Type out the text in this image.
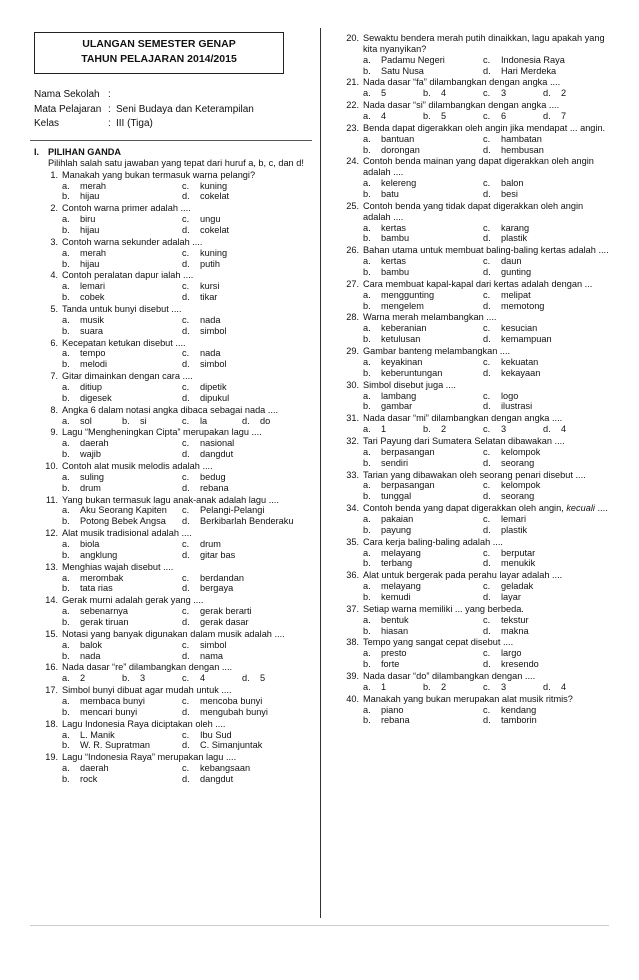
ULANGAN SEMESTER GENAP
TAHUN PELAJARAN 2014/2015
Nama Sekolah :
Mata Pelajaran : Seni Budaya dan Keterampilan
Kelas	: III (Tiga)
I. PILIHAN GANDA
Pilihlah salah satu jawaban yang tepat dari huruf a, b, c, dan d!
1. Manakah yang bukan termasuk warna pelangi?
a.	merah	c.	kuning
b.	hijau	d.	cokelat
2. Contoh warna primer adalah ....
a.	biru	c.	ungu
b.	hijau	d.	cokelat
3. Contoh warna sekunder adalah ....
a.	merah	c.	kuning
b.	hijau	d.	putih
4. Contoh peralatan dapur ialah ....
a.	lemari	c.	kursi
b.	cobek	d.	tikar
5. Tanda untuk bunyi disebut ....
a.	musik	c.	nada
b.	suara	d.	simbol
6. Kecepatan ketukan disebut ....
a.	tempo	c.	nada
b.	melodi	d.	simbol
7. Gitar dimainkan dengan cara ....
a.	ditiup	c.	dipetik
b.	digesek	d.	dipukul
8. Angka 6 dalam notasi angka dibaca sebagai nada ....
a.	sol	b.	si	c.	la	d.	do
9. Lagu “Mengheningkan Cipta” merupakan lagu ....
a.	daerah	c.	nasional
b.	wajib	d.	dangdut
10. Contoh alat musik melodis adalah ....
a.	suling	c.	bedug
b.	drum	d.	rebana
11. Yang bukan termasuk lagu anak-anak adalah lagu ....
a.	Aku Seorang Kapiten c.	Pelangi-Pelangi
b.	Potong Bebek Angsa d.	Berkibarlah Benderaku
12. Alat musik tradisional adalah ....
a.	biola	c.	drum
b.	angklung	d.	gitar bas
13. Menghias wajah disebut ....
a.	merombak	c.	berdandan
b.	tata rias	d.	bergaya
14. Gerak murni adalah gerak yang ....
a.	sebenarnya	c.	gerak berarti
b.	gerak tiruan	d.	gerak dasar
15. Notasi yang banyak digunakan dalam musik adalah ....
a.	balok	c.	simbol
b.	nada	d.	nama
16. Nada dasar “re” dilambangkan dengan ....
a.	2	b.	3	c.	4	d.	5
17. Simbol bunyi dibuat agar mudah untuk ....
a.	membaca bunyi	c.	mencoba bunyi
b.	mencari bunyi	d.	mengubah bunyi
18. Lagu Indonesia Raya diciptakan oleh ....
a.	L. Manik	c.	Ibu Sud
b.	W. R. Supratman	d.	C. Simanjuntak
19. Lagu “Indonesia Raya” merupakan lagu ....
a.	daerah	c.	kebangsaan
b.	rock	d.	dangdut
20. Sewaktu bendera merah putih dinaikkan, lagu apakah yang kita nyanyikan?
a.	Padamu Negeri	c.	Indonesia Raya
b.	Satu Nusa	d.	Hari Merdeka
21. Nada dasar “fa” dilambangkan dengan angka ....
a.	5	b.	4	c.	3	d.	2
22. Nada dasar “si” dilambangkan dengan angka ....
a.	4	b.	5	c.	6	d.	7
23. Benda dapat digerakkan oleh angin jika mendapat ... angin.
a.	bantuan	c.	hambatan
b.	dorongan	d.	hembusan
24. Contoh benda mainan yang dapat digerakkan oleh angin adalah ....
a.	kelereng	c.	balon
b.	batu	d.	besi
25. Contoh benda yang tidak dapat digerakkan oleh angin adalah ....
a.	kertas	c.	karang
b.	bambu	d.	plastik
26. Bahan utama untuk membuat baling-baling kertas adalah ....
a.	kertas	c.	daun
b.	bambu	d.	gunting
27. Cara membuat kapal-kapal dari kertas adalah dengan ...
a.	menggunting	c.	melipat
b.	mengelem	d.	memotong
28. Warna merah melambangkan ....
a.	keberanian	c.	kesucian
b.	ketulusan	d.	kemampuan
29. Gambar banteng melambangkan ....
a.	keyakinan	c.	kekuatan
b.	keberuntungan	d.	kekayaan
30. Simbol disebut juga ....
a.	lambang	c.	logo
b.	gambar	d.	ilustrasi
31. Nada dasar “mi” dilambangkan dengan angka ....
a.	1	b.	2	c.	3	d.	4
32. Tari Payung dari Sumatera Selatan dibawakan ....
a.	berpasangan	c.	kelompok
b.	sendiri	d.	seorang
33. Tarian yang dibawakan oleh seorang penari disebut ....
a.	berpasangan	c.	kelompok
b.	tunggal	d.	seorang
34. Contoh benda yang dapat digerakkan oleh angin, kecuali ....
a.	pakaian	c.	lemari
b.	payung	d.	plastik
35. Cara kerja baling-baling adalah ....
a.	melayang	c.	berputar
b.	terbang	d.	menukik
36. Alat untuk bergerak pada perahu layar adalah ....
a.	melayang	c.	geladak
b.	kemudi	d.	layar
37. Setiap warna memiliki ... yang berbeda.
a.	bentuk	c.	tekstur
b.	hiasan	d.	makna
38. Tempo yang sangat cepat disebut ....
a.	presto	c.	largo
b.	forte	d.	kresendo
39. Nada dasar “do” dilambangkan dengan ....
a.	1	b.	2	c.	3	d.	4
40. Manakah yang bukan merupakan alat musik ritmis?
a.	piano	c.	kendang
b.	rebana	d.	tamborin
